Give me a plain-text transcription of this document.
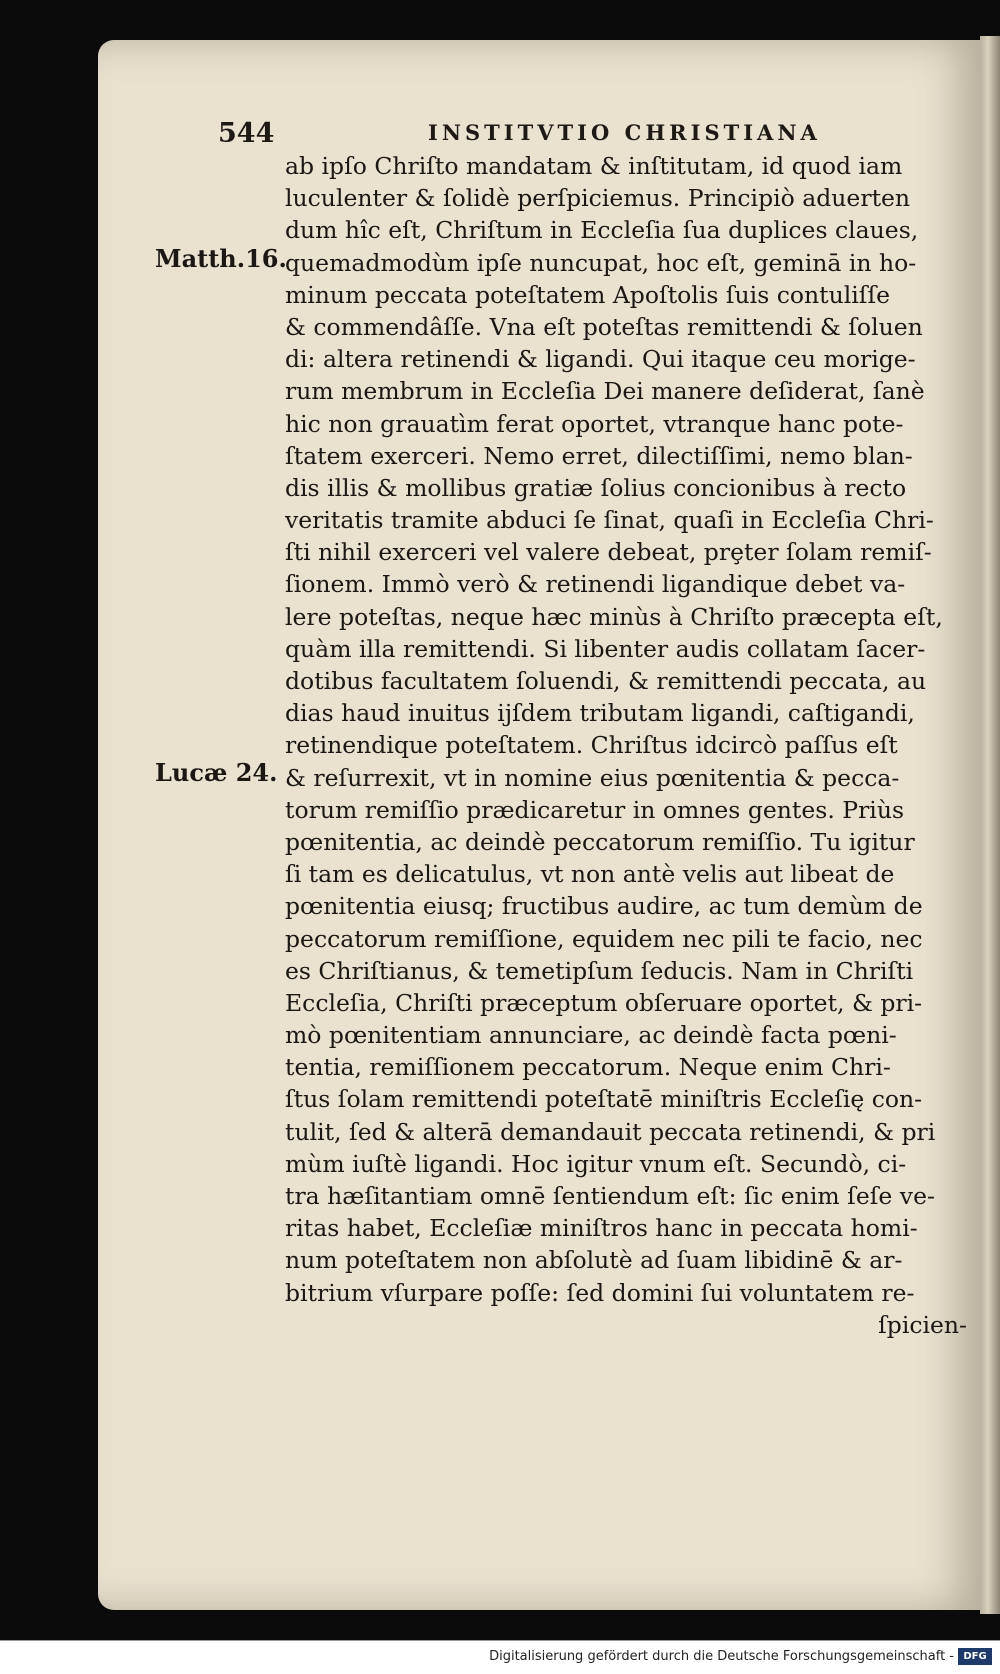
544	INSTITVTIO CHRISTIANA
Matth.16.
Lucæ 24.
ab ipſo Chriſto mandatam & inſtitutam, id quod iam
luculenter & ſolidè perſpiciemus. Principiò aduerten
dum hîc eſt, Chriſtum in Eccleſia ſua duplices claues,
quemadmodùm ipſe nuncupat, hoc eſt, geminā in ho-
minum peccata poteſtatem Apoſtolis ſuis contuliſſe
& commendâſſe. Vna eſt poteſtas remittendi & ſoluen
di: altera retinendi & ligandi. Qui itaque ceu morige-
rum membrum in Eccleſia Dei manere deſiderat, ſanè
hic non grauatìm ferat oportet, vtranque hanc pote-
ſtatem exerceri. Nemo erret, dilectiſſimi, nemo blan-
dis illis & mollibus gratiæ ſolius concionibus à recto
veritatis tramite abduci ſe ſinat, quaſi in Eccleſia Chri-
ſti nihil exerceri vel valere debeat, prȩter ſolam remiſ-
ſionem. Immò verò & retinendi ligandique debet va-
lere poteſtas, neque hæc minùs à Chriſto præcepta eſt,
quàm illa remittendi. Si libenter audis collatam ſacer-
dotibus facultatem ſoluendi, & remittendi peccata, au
dias haud inuitus ijſdem tributam ligandi, caſtigandi,
retinendique poteſtatem. Chriſtus idcircò paſſus eſt
& reſurrexit, vt in nomine eius pœnitentia & pecca-
torum remiſſio prædicaretur in omnes gentes. Priùs
pœnitentia, ac deindè peccatorum remiſſio. Tu igitur
ſi tam es delicatulus, vt non antè velis aut libeat de
pœnitentia eiusq; fructibus audire, ac tum demùm de
peccatorum remiſſione, equidem nec pili te facio, nec
es Chriſtianus, & temetipſum ſeducis. Nam in Chriſti
Eccleſia, Chriſti præceptum obſeruare oportet, & pri-
mò pœnitentiam annunciare, ac deindè facta pœni-
tentia, remiſſionem peccatorum. Neque enim Chri-
ſtus ſolam remittendi poteſtatē miniſtris Eccleſię con-
tulit, ſed & alterā demandauit peccata retinendi, & pri
mùm iuſtè ligandi. Hoc igitur vnum eſt. Secundò, ci-
tra hæſitantiam omnē ſentiendum eſt: ſic enim ſeſe ve-
ritas habet, Eccleſiæ miniſtros hanc in peccata homi-
num poteſtatem non abſolutè ad ſuam libidinē & ar-
bitrium vſurpare poſſe: ſed domini ſui voluntatem re-
ſpicien-
Digitalisierung gefördert durch die Deutsche Forschungsgemeinschaft - DFG
